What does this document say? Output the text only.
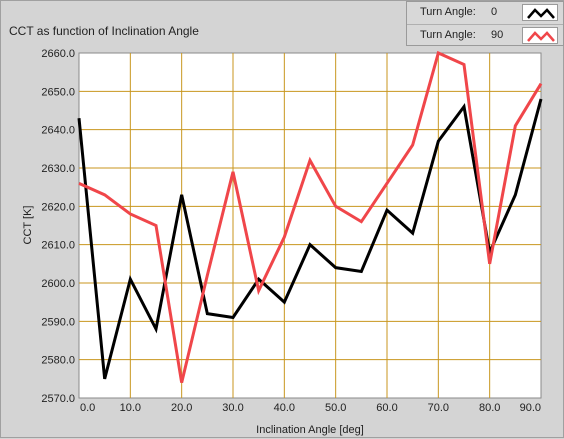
CCT as function of Inclination Angle
Turn Angle: 0
Turn Angle: 90
0.0 10.0	20.0	30.0	40.0	50.0	60.0	70.0	80.0 90.0
2570.0
2580.0
2590.0
2600.0
2610.0
2620.0
2630.0
2640.0
2650.0
2660.0
Inclination Angle [deg]
CCT [K]
